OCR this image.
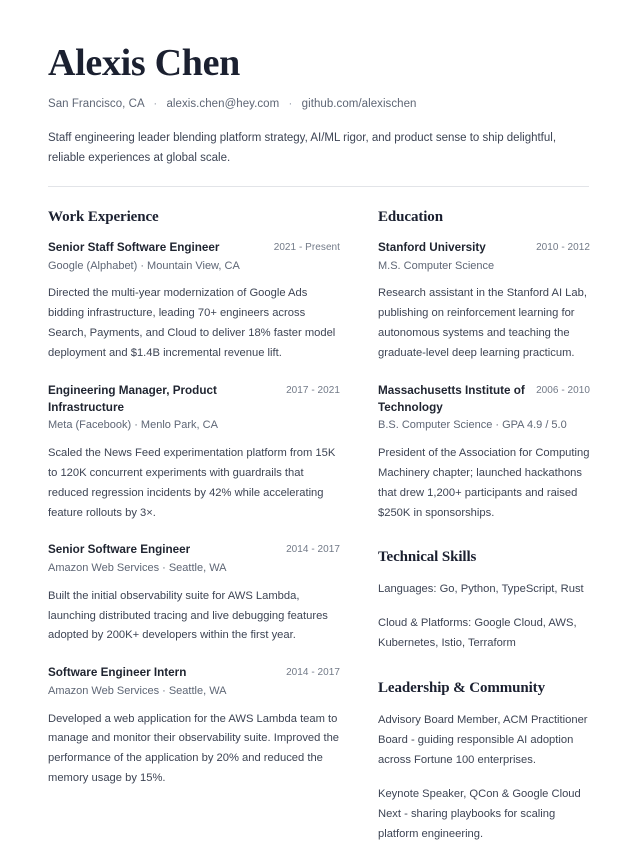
Alexis Chen
San Francisco, CA · alexis.chen@hey.com · github.com/alexischen

Staff engineering leader blending platform strategy, AI/ML rigor, and product sense to ship delightful, reliable experiences at global scale.

Work Experience
Senior Staff Software Engineer	2021 - Present
Google (Alphabet) · Mountain View, CA
Directed the multi-year modernization of Google Ads bidding infrastructure, leading 70+ engineers across Search, Payments, and Cloud to deliver 18% faster model deployment and $1.4B incremental revenue lift.
Engineering Manager, Product Infrastructure
2017 - 2021
Meta (Facebook) · Menlo Park, CA
Scaled the News Feed experimentation platform from 15K to 120K concurrent experiments with guardrails that reduced regression incidents by 42% while accelerating feature rollouts by 3×.
Senior Software Engineer	2014 - 2017
Amazon Web Services · Seattle, WA
Built the initial observability suite for AWS Lambda, launching distributed tracing and live debugging features adopted by 200K+ developers within the first year.
Software Engineer Intern	2014 - 2017
Amazon Web Services · Seattle, WA
Developed a web application for the AWS Lambda team to manage and monitor their observability suite. Improved the performance of the application by 20% and reduced the memory usage by 15%.
Education
Stanford University	2010 - 2012
M.S. Computer Science
Research assistant in the Stanford AI Lab, publishing on reinforcement learning for autonomous systems and teaching the graduate-level deep learning practicum.
Massachusetts Institute of Technology
2006 - 2010
B.S. Computer Science · GPA 4.9 / 5.0
President of the Association for Computing Machinery chapter; launched hackathons that drew 1,200+ participants and raised $250K in sponsorships.
Technical Skills
Languages: Go, Python, TypeScript, Rust
Cloud & Platforms: Google Cloud, AWS, Kubernetes, Istio, Terraform
Leadership & Community
Advisory Board Member, ACM Practitioner Board - guiding responsible AI adoption across Fortune 100 enterprises.
Keynote Speaker, QCon & Google Cloud Next - sharing playbooks for scaling platform engineering.
